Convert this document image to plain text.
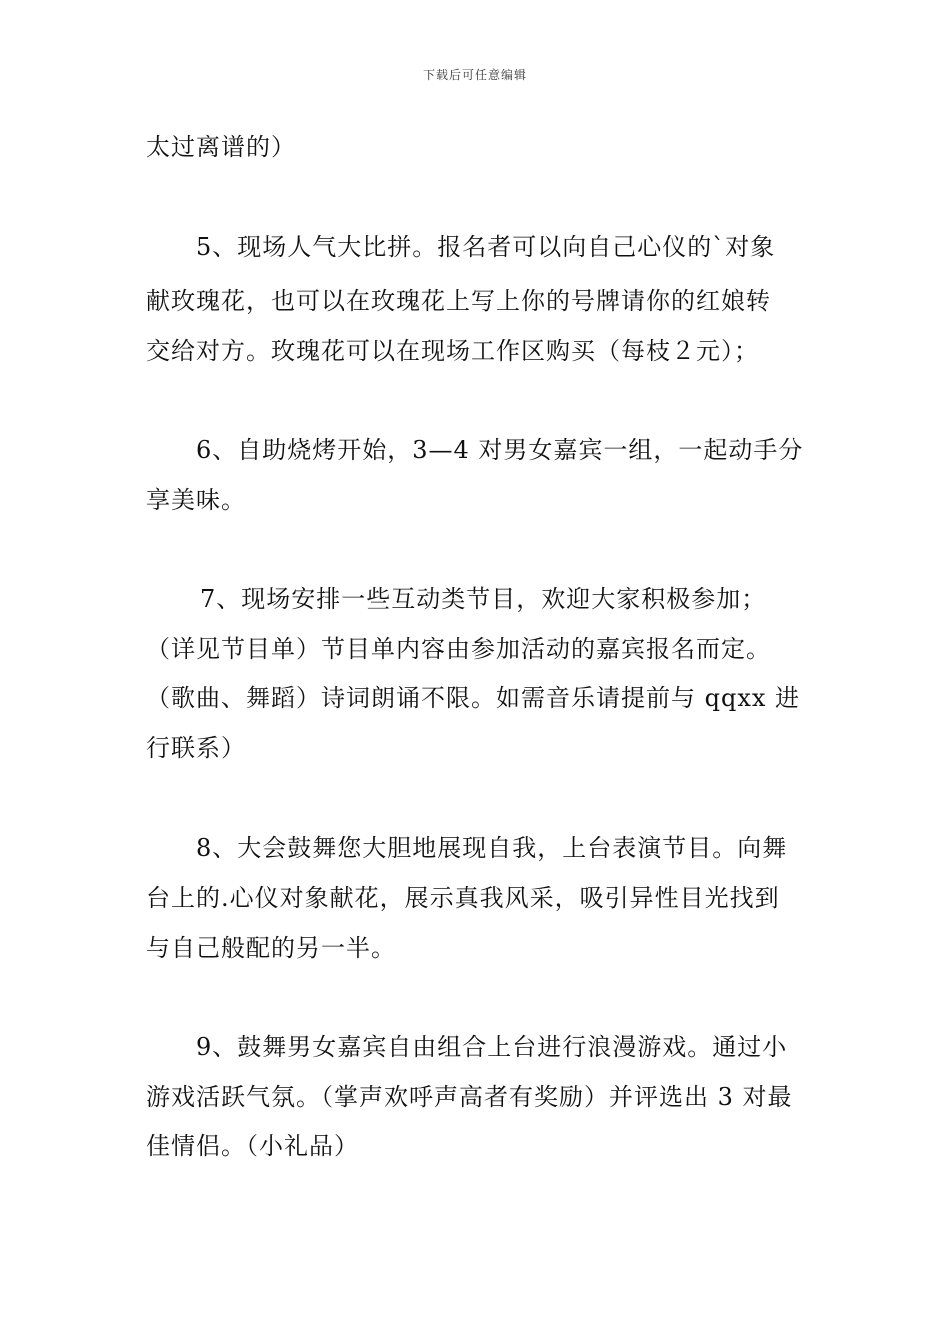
下载后可任意编辑
太过离谱的）
5、现场人气大比拼。报名者可以向自己心仪的`对象
献玫瑰花，也可以在玫瑰花上写上你的号牌请你的红娘转
交给对方。玫瑰花可以在现场工作区购买（每枝２元）；
6、自助烧烤开始，3—4 对男女嘉宾一组，一起动手分
享美味。
7、现场安排一些互动类节目，欢迎大家积极参加；
（详见节目单）节目单内容由参加活动的嘉宾报名而定。
（歌曲、舞蹈）诗词朗诵不限。如需音乐请提前与 qqxx 进
行联系）
8、大会鼓舞您大胆地展现自我，上台表演节目。向舞
台上的.心仪对象献花，展示真我风采，吸引异性目光找到
与自己般配的另一半。
9、鼓舞男女嘉宾自由组合上台进行浪漫游戏。通过小
游戏活跃气氛。（掌声欢呼声高者有奖励）并评选出 3 对最
佳情侣。（小礼品）
